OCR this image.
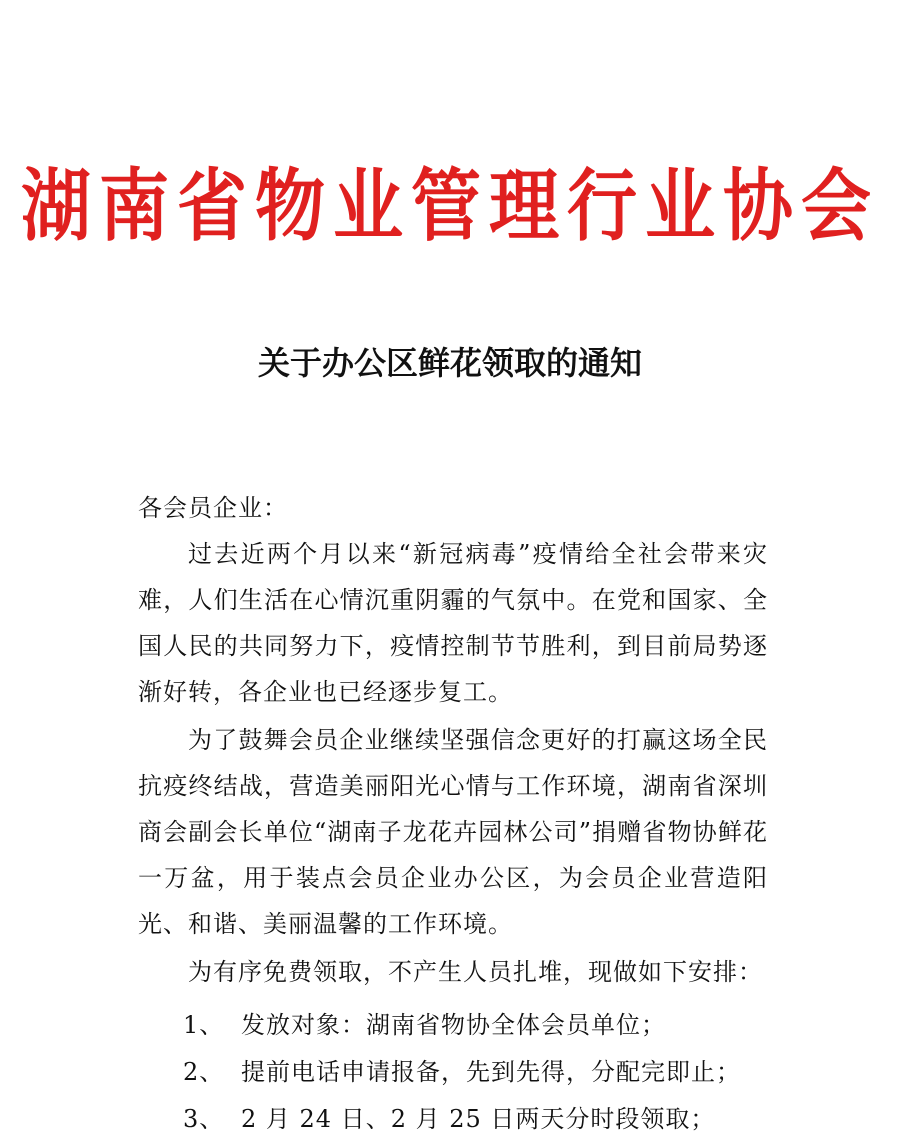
湖南省物业管理行业协会
关于办公区鲜花领取的通知
各会员企业：

过去近两个月以来“新冠病毒”疫情给全社会带来灾难，人们生活在心情沉重阴霾的气氛中。在党和国家、全国人民的共同努力下，疫情控制节节胜利，到目前局势逐渐好转，各企业也已经逐步复工。

为了鼓舞会员企业继续坚强信念更好的打赢这场全民抗疫终结战，营造美丽阳光心情与工作环境，湖南省深圳商会副会长单位“湖南子龙花卉园林公司”捐赠省物协鲜花一万盆，用于装点会员企业办公区，为会员企业营造阳光、和谐、美丽温馨的工作环境。

为有序免费领取，不产生人员扎堆，现做如下安排：

1、 发放对象：湖南省物协全体会员单位；
2、 提前电话申请报备，先到先得，分配完即止；
3、 2 月 24 日、2 月 25 日两天分时段领取；
